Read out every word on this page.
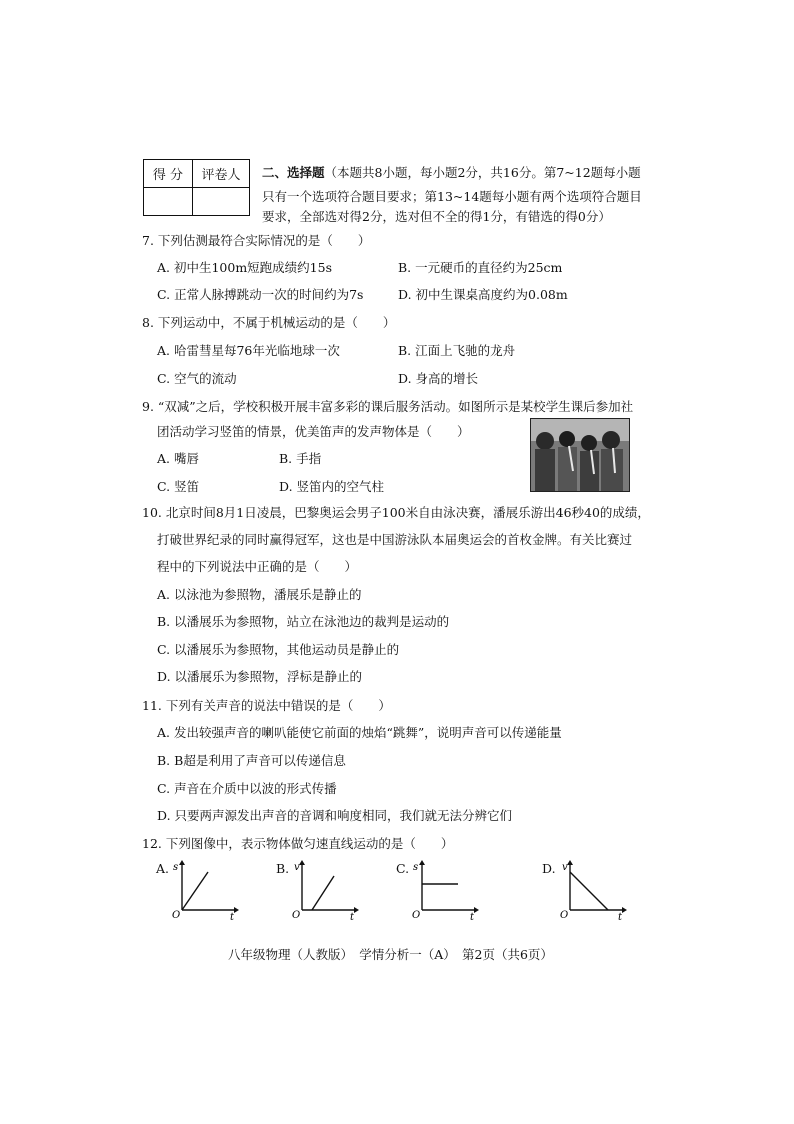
得 分	评卷人
	二、选择题（本题共8小题，每小题2分，共16分。第7~12题每小题
只有一个选项符合题目要求；第13~14题每小题有两个选项符合题目
要求，全部选对得2分，选对但不全的得1分，有错选的得0分）
7. 下列估测最符合实际情况的是（　　）
A. 初中生100m短跑成绩约15s	B. 一元硬币的直径约为25cm
C. 正常人脉搏跳动一次的时间约为7s	D. 初中生课桌高度约为0.08m
8. 下列运动中，不属于机械运动的是（　　）
A. 哈雷彗星每76年光临地球一次	B. 江面上飞驰的龙舟
C. 空气的流动	D. 身高的增长
9. “双减”之后，学校积极开展丰富多彩的课后服务活动。如图所示是某校学生课后参加社
团活动学习竖笛的情景，优美笛声的发声物体是（　　）
A. 嘴唇	B. 手指
C. 竖笛	D. 竖笛内的空气柱
10. 北京时间8月1日凌晨，巴黎奥运会男子100米自由泳决赛，潘展乐游出46秒40的成绩，
打破世界纪录的同时赢得冠军，这也是中国游泳队本届奥运会的首枚金牌。有关比赛过
程中的下列说法中正确的是（　　）
A. 以泳池为参照物，潘展乐是静止的
B. 以潘展乐为参照物，站立在泳池边的裁判是运动的
C. 以潘展乐为参照物，其他运动员是静止的
D. 以潘展乐为参照物，浮标是静止的
11. 下列有关声音的说法中错误的是（　　）
A. 发出较强声音的喇叭能使它前面的烛焰“跳舞”，说明声音可以传递能量
B. B超是利用了声音可以传递信息
C. 声音在介质中以波的形式传播
D. 只要两声源发出声音的音调和响度相同，我们就无法分辨它们
12. 下列图像中，表示物体做匀速直线运动的是（　　）
A. s
t
O
B. v
t
O
C. s
t
O
D. v
t
O
八年级物理（人教版）　学情分析一（A）　第2页（共6页）
